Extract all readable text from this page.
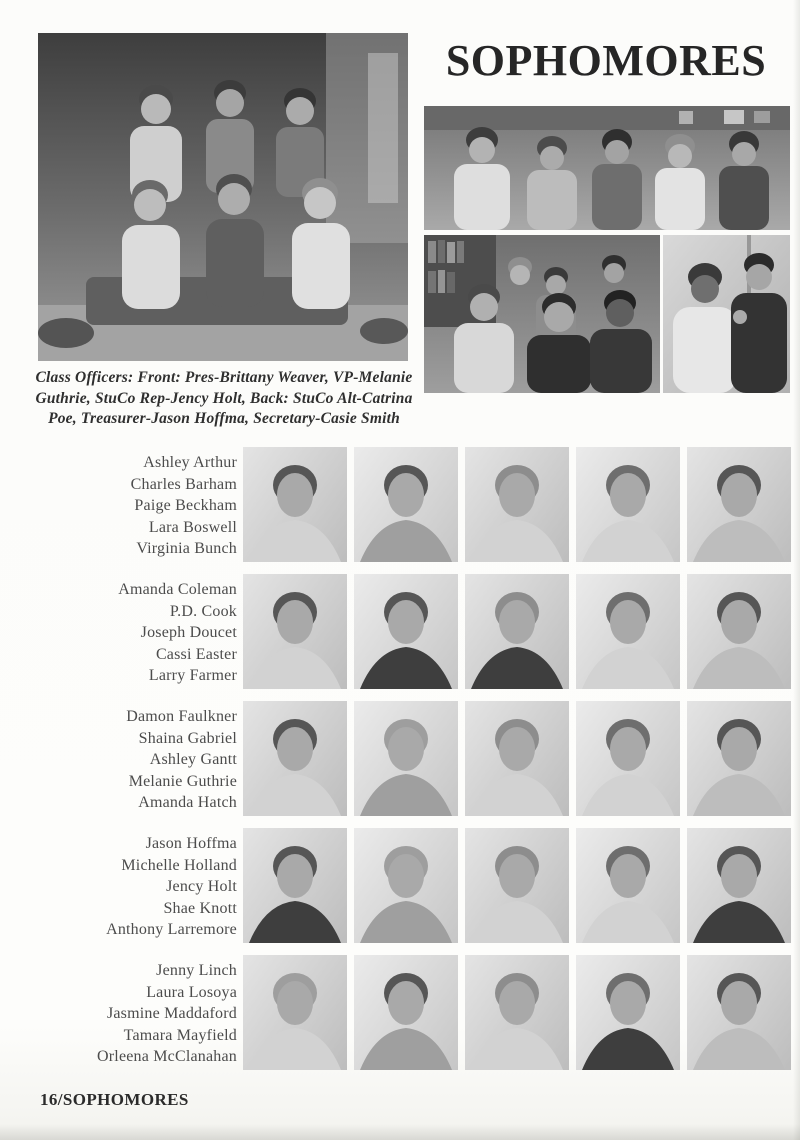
SOPHOMORES
Class Officers: Front: Pres-Brittany Weaver, VP-Melanie
Guthrie, StuCo Rep-Jency Holt, Back: StuCo Alt-Catrina
Poe, Treasurer-Jason Hoffma, Secretary-Casie Smith
Ashley Arthur
Charles Barham
Paige Beckham
Lara Boswell
Virginia Bunch
Amanda Coleman
P.D. Cook
Joseph Doucet
Cassi Easter
Larry Farmer
Damon Faulkner
Shaina Gabriel
Ashley Gantt
Melanie Guthrie
Amanda Hatch
Jason Hoffma
Michelle Holland
Jency Holt
Shae Knott
Anthony Larremore
Jenny Linch
Laura Losoya
Jasmine Maddaford
Tamara Mayfield
Orleena McClanahan
16/SOPHOMORES
